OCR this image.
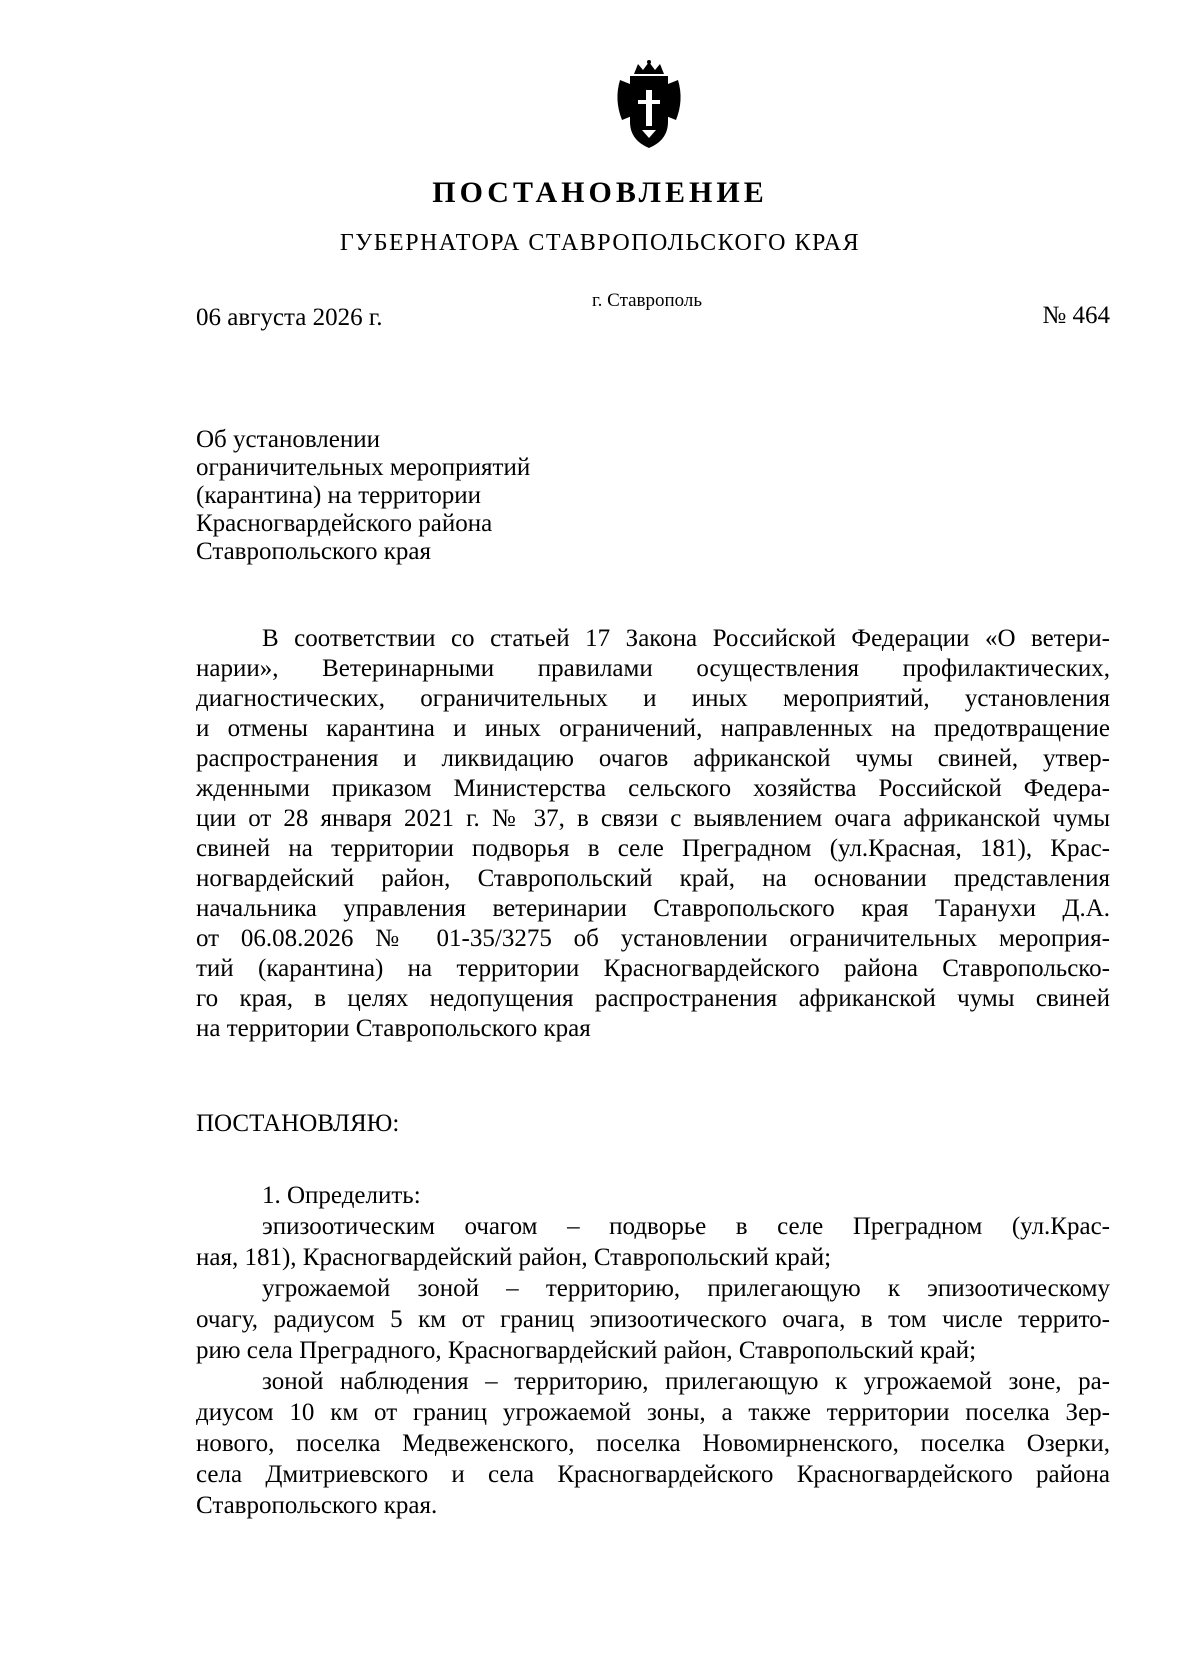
ПОСТАНОВЛЕНИЕ
ГУБЕРНАТОРА СТАВРОПОЛЬСКОГО КРАЯ
г. Ставрополь
06 августа 2026 г.	№ 464
Об установлении
ограничительных мероприятий
(карантина) на территории
Красногвардейского района
Ставропольского края
В соответствии со статьей 17 Закона Российской Федерации «О ветери-
нарии», Ветеринарными правилами осуществления профилактических,
диагностических, ограничительных и иных мероприятий, установления
и отмены карантина и иных ограничений, направленных на предотвращение
распространения и ликвидацию очагов африканской чумы свиней, утвер-
жденными приказом Министерства сельского хозяйства Российской Федера-
ции от 28 января 2021 г. № 37, в связи с выявлением очага африканской чумы
свиней на территории подворья в селе Преградном (ул.Красная, 181), Крас-
ногвардейский район, Ставропольский край, на основании представления
начальника управления ветеринарии Ставропольского края Таранухи Д.А.
от 06.08.2026 № 01-35/3275 об установлении ограничительных мероприя-
тий (карантина) на территории Красногвардейского района Ставропольско-
го края, в целях недопущения распространения африканской чумы свиней
на территории Ставропольского края
ПОСТАНОВЛЯЮ:
1. Определить:
эпизоотическим очагом – подворье в селе Преградном (ул.Крас-
ная, 181), Красногвардейский район, Ставропольский край;
угрожаемой зоной – территорию, прилегающую к эпизоотическому
очагу, радиусом 5 км от границ эпизоотического очага, в том числе террито-
рию села Преградного, Красногвардейский район, Ставропольский край;
зоной наблюдения – территорию, прилегающую к угрожаемой зоне, ра-
диусом 10 км от границ угрожаемой зоны, а также территории поселка Зер-
нового, поселка Медвеженского, поселка Новомирненского, поселка Озерки,
села Дмитриевского и села Красногвардейского Красногвардейского района
Ставропольского края.
